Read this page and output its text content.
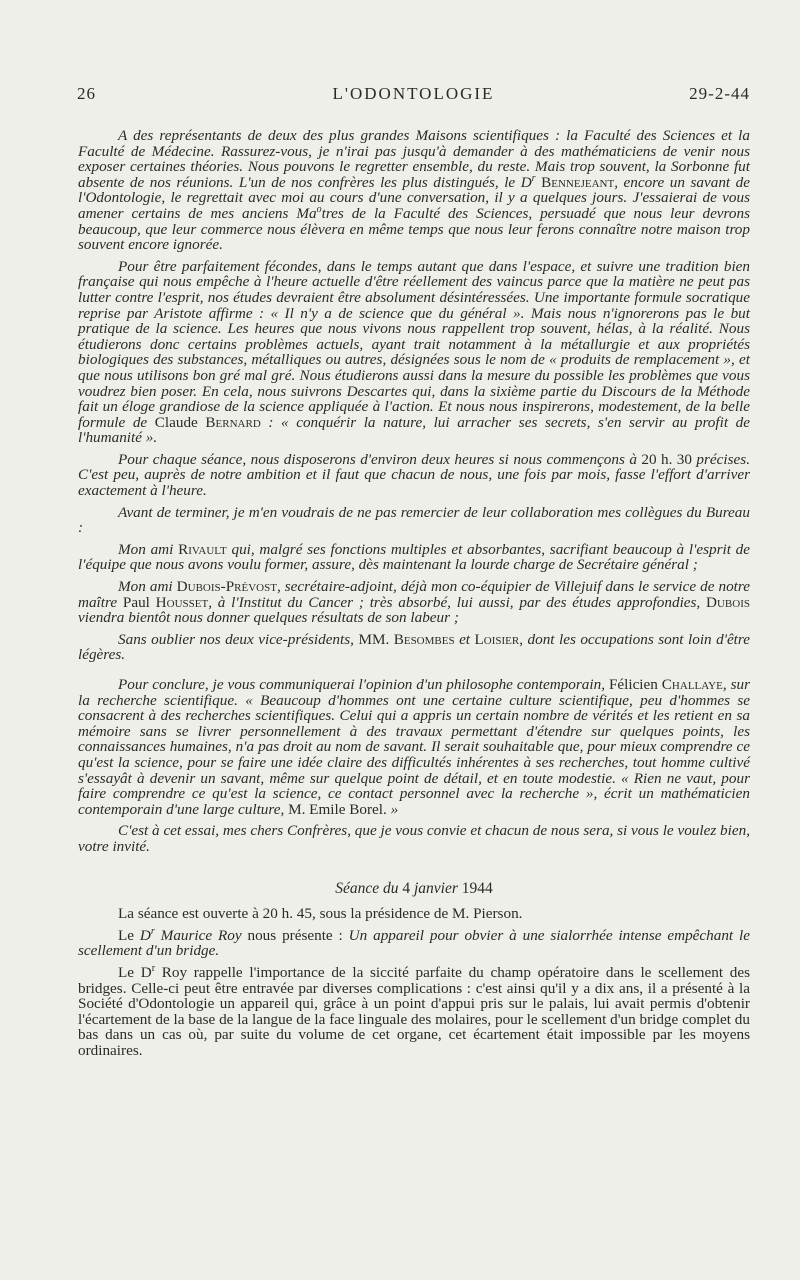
26	L'ODONTOLOGIE	29-2-44

A des représentants de deux des plus grandes Maisons scientifiques : la Faculté des Sciences et la Faculté de Médecine. Rassurez-vous, je n'irai pas jusqu'à demander à des mathématiciens de venir nous exposer certaines théories. Nous pouvons le regretter ensemble, du reste. Mais trop souvent, la Sorbonne fut absente de nos réunions. L'un de nos confrères les plus distingués, le $D^r$ Bennejeant, encore un savant de l'Odontologie, le regrettait avec moi au cours d'une conversation, il y a quelques jours. J'essaierai de vous amener certains de mes anciens Ma$^o$tres de la Faculté des Sciences, persuadé que nous leur devrons beaucoup, que leur commerce nous élèvera en même temps que nous leur ferons connaître notre maison trop souvent encore ignorée.

Pour être parfaitement fécondes, dans le temps autant que dans l'espace, et suivre une tradition bien française qui nous empêche à l'heure actuelle d'être réellement des vaincus parce que la matière ne peut pas lutter contre l'esprit, nos études devraient être absolument désintéressées. Une importante formule socratique reprise par Aristote affirme : « Il n'y a de science que du général ». Mais nous n'ignorerons pas le but pratique de la science. Les heures que nous vivons nous rappellent trop souvent, hélas, à la réalité. Nous étudierons donc certains problèmes actuels, ayant trait notamment à la métallurgie et aux propriétés biologiques des substances, métalliques ou autres, désignées sous le nom de « produits de remplacement », et que nous utilisons bon gré mal gré. Nous étudierons aussi dans la mesure du possible les problèmes que vous voudrez bien poser. En cela, nous suivrons Descartes qui, dans la sixième partie du Discours de la Méthode fait un éloge grandiose de la science appliquée à l'action. Et nous nous inspirerons, modestement, de la belle formule de Claude Bernard : « conquérir la nature, lui arracher ses secrets, s'en servir au profit de l'humanité ».

Pour chaque séance, nous disposerons d'environ deux heures si nous commençons à 20 h. 30 précises. C'est peu, auprès de notre ambition et il faut que chacun de nous, une fois par mois, fasse l'effort d'arriver exactement à l'heure.

Avant de terminer, je m'en voudrais de ne pas remercier de leur collaboration mes collègues du Bureau :

Mon ami Rivault qui, malgré ses fonctions multiples et absorbantes, sacrifiant beaucoup à l'esprit de l'équipe que nous avons voulu former, assure, dès maintenant la lourde charge de Secrétaire général ;

Mon ami Dubois-Prévost, secrétaire-adjoint, déjà mon co-équipier de Villejuif dans le service de notre maître Paul Housset, à l'Institut du Cancer ; très absorbé, lui aussi, par des études approfondies, Dubois viendra bientôt nous donner quelques résultats de son labeur ;

Sans oublier nos deux vice-présidents, MM. Besombes et Loisier, dont les occupations sont loin d'être légères.

Pour conclure, je vous communiquerai l'opinion d'un philosophe contemporain, Félicien Challaye, sur la recherche scientifique. « Beaucoup d'hommes ont une certaine culture scientifique, peu d'hommes se consacrent à des recherches scientifiques. Celui qui a appris un certain nombre de vérités et les retient en sa mémoire sans se livrer personnellement à des travaux permettant d'étendre sur quelques points, les connaissances humaines, n'a pas droit au nom de savant. Il serait souhaitable que, pour mieux comprendre ce qu'est la science, pour se faire une idée claire des difficultés inhérentes à ses recherches, tout homme cultivé s'essayât à devenir un savant, même sur quelque point de détail, et en toute modestie. « Rien ne vaut, pour faire comprendre ce qu'est la science, ce contact personnel avec la recherche », écrit un mathématicien contemporain d'une large culture, M. Emile Borel. »

C'est à cet essai, mes chers Confrères, que je vous convie et chacun de nous sera, si vous le voulez bien, votre invité.

Séance du 4 janvier 1944

La séance est ouverte à 20 h. 45, sous la présidence de M. Pierson.

Le $D^r$ Maurice Roy nous présente : Un appareil pour obvier à une sialorrhée intense empêchant le scellement d'un bridge.

Le $D^r$ Roy rappelle l'importance de la siccité parfaite du champ opératoire dans le scellement des bridges. Celle-ci peut être entravée par diverses complications : c'est ainsi qu'il y a dix ans, il a présenté à la Société d'Odontologie un appareil qui, grâce à un point d'appui pris sur le palais, lui avait permis d'obtenir l'écartement de la base de la langue de la face linguale des molaires, pour le scellement d'un bridge complet du bas dans un cas où, par suite du volume de cet organe, cet écartement était impossible par les moyens ordinaires.
